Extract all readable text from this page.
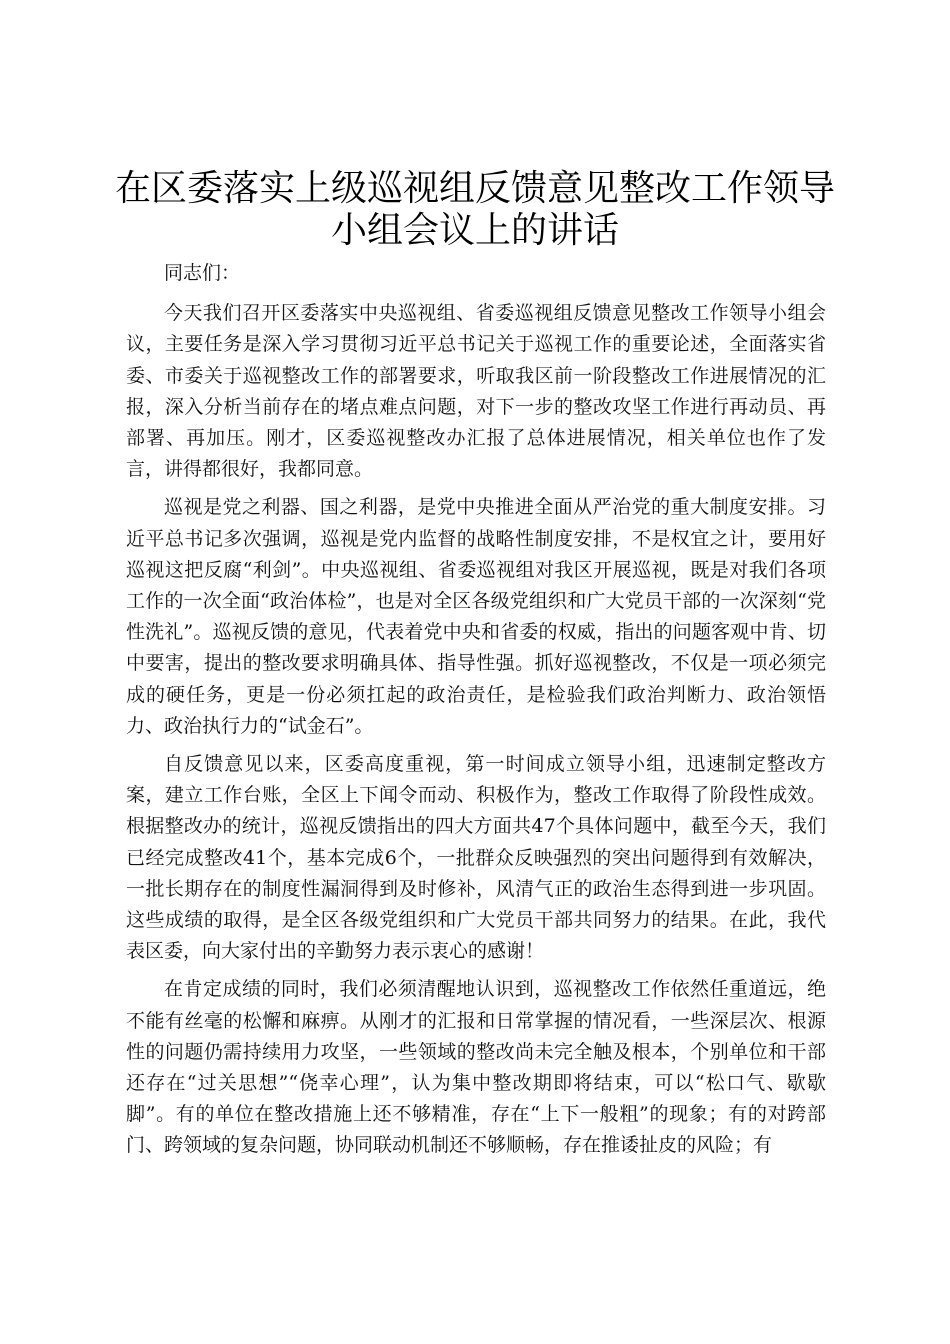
在区委落实上级巡视组反馈意见整改工作领导小组会议上的讲话

同志们：

今天我们召开区委落实中央巡视组、省委巡视组反馈意见整改工作领导小组会议，主要任务是深入学习贯彻习近平总书记关于巡视工作的重要论述，全面落实省委、市委关于巡视整改工作的部署要求，听取我区前一阶段整改工作进展情况的汇报，深入分析当前存在的堵点难点问题，对下一步的整改攻坚工作进行再动员、再部署、再加压。刚才，区委巡视整改办汇报了总体进展情况，相关单位也作了发言，讲得都很好，我都同意。

巡视是党之利器、国之利器，是党中央推进全面从严治党的重大制度安排。习近平总书记多次强调，巡视是党内监督的战略性制度安排，不是权宜之计，要用好巡视这把反腐“利剑”。中央巡视组、省委巡视组对我区开展巡视，既是对我们各项工作的一次全面“政治体检”，也是对全区各级党组织和广大党员干部的一次深刻“党性洗礼”。巡视反馈的意见，代表着党中央和省委的权威，指出的问题客观中肯、切中要害，提出的整改要求明确具体、指导性强。抓好巡视整改，不仅是一项必须完成的硬任务，更是一份必须扛起的政治责任，是检验我们政治判断力、政治领悟力、政治执行力的“试金石”。

自反馈意见以来，区委高度重视，第一时间成立领导小组，迅速制定整改方案，建立工作台账，全区上下闻令而动、积极作为，整改工作取得了阶段性成效。根据整改办的统计，巡视反馈指出的四大方面共47个具体问题中，截至今天，我们已经完成整改41个，基本完成6个，一批群众反映强烈的突出问题得到有效解决，一批长期存在的制度性漏洞得到及时修补，风清气正的政治生态得到进一步巩固。这些成绩的取得，是全区各级党组织和广大党员干部共同努力的结果。在此，我代表区委，向大家付出的辛勤努力表示衷心的感谢！

在肯定成绩的同时，我们必须清醒地认识到，巡视整改工作依然任重道远，绝不能有丝毫的松懈和麻痹。从刚才的汇报和日常掌握的情况看，一些深层次、根源性的问题仍需持续用力攻坚，一些领域的整改尚未完全触及根本，个别单位和干部还存在“过关思想”“侥幸心理”，认为集中整改期即将结束，可以“松口气、歇歇脚”。有的单位在整改措施上还不够精准，存在“上下一般粗”的现象；有的对跨部门、跨领域的复杂问题，协同联动机制还不够顺畅，存在推诿扯皮的风险；有
